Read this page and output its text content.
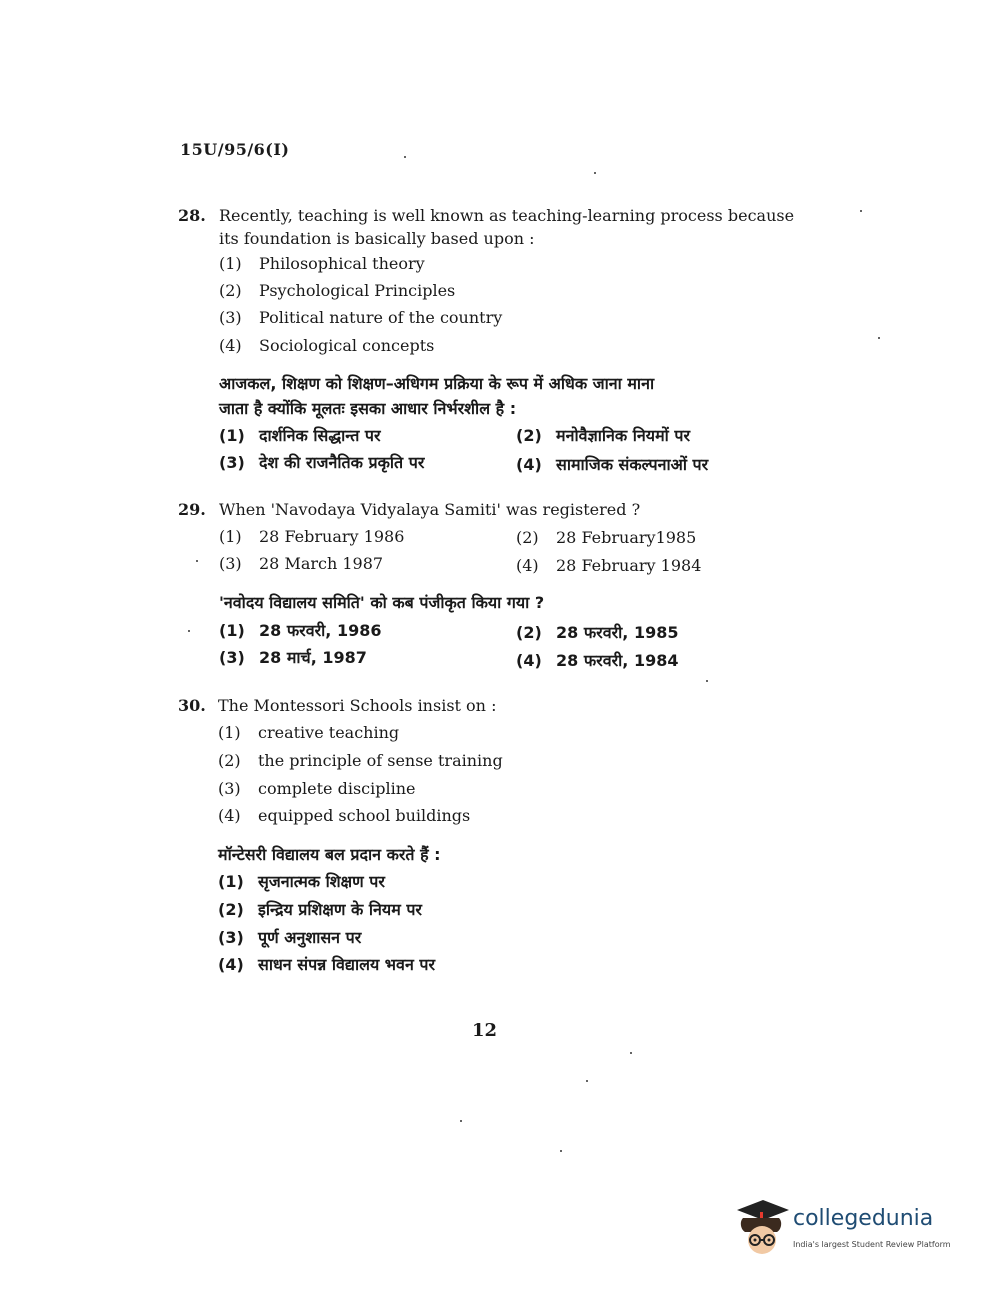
15U/95/6(I)
28. Recently, teaching is well known as teaching-learning process because
its foundation is basically based upon :
(1) Philosophical theory
(2) Psychological Principles
(3) Political nature of the country
(4) Sociological concepts
आजकल, शिक्षण को शिक्षण–अधिगम प्रक्रिया के रूप में अधिक जाना माना
जाता है क्योंकि मूलतः इसका आधार निर्भरशील है :
(1) दार्शनिक सिद्धान्त पर	(2) मनोवैज्ञानिक नियमों पर
(3) देश की राजनैतिक प्रकृति पर	(4) सामाजिक संकल्पनाओं पर
29. When 'Navodaya Vidyalaya Samiti' was registered ?
(1) 28 February 1986	(2) 28 February1985
(3) 28 March 1987	(4) 28 February 1984
'नवोदय विद्यालय समिति' को कब पंजीकृत किया गया ?
(1) 28 फरवरी, 1986	(2) 28 फरवरी, 1985
(3) 28 मार्च, 1987	(4) 28 फरवरी, 1984
30. The Montessori Schools insist on :
(1) creative teaching
(2) the principle of sense training
(3) complete discipline
(4) equipped school buildings
मॉन्टेसरी विद्यालय बल प्रदान करते हैं :
(1) सृजनात्मक शिक्षण पर
(2) इन्द्रिय प्रशिक्षण के नियम पर
(3) पूर्ण अनुशासन पर
(4) साधन संपन्न विद्यालय भवन पर
12
collegedunia
India's largest Student Review Platform
